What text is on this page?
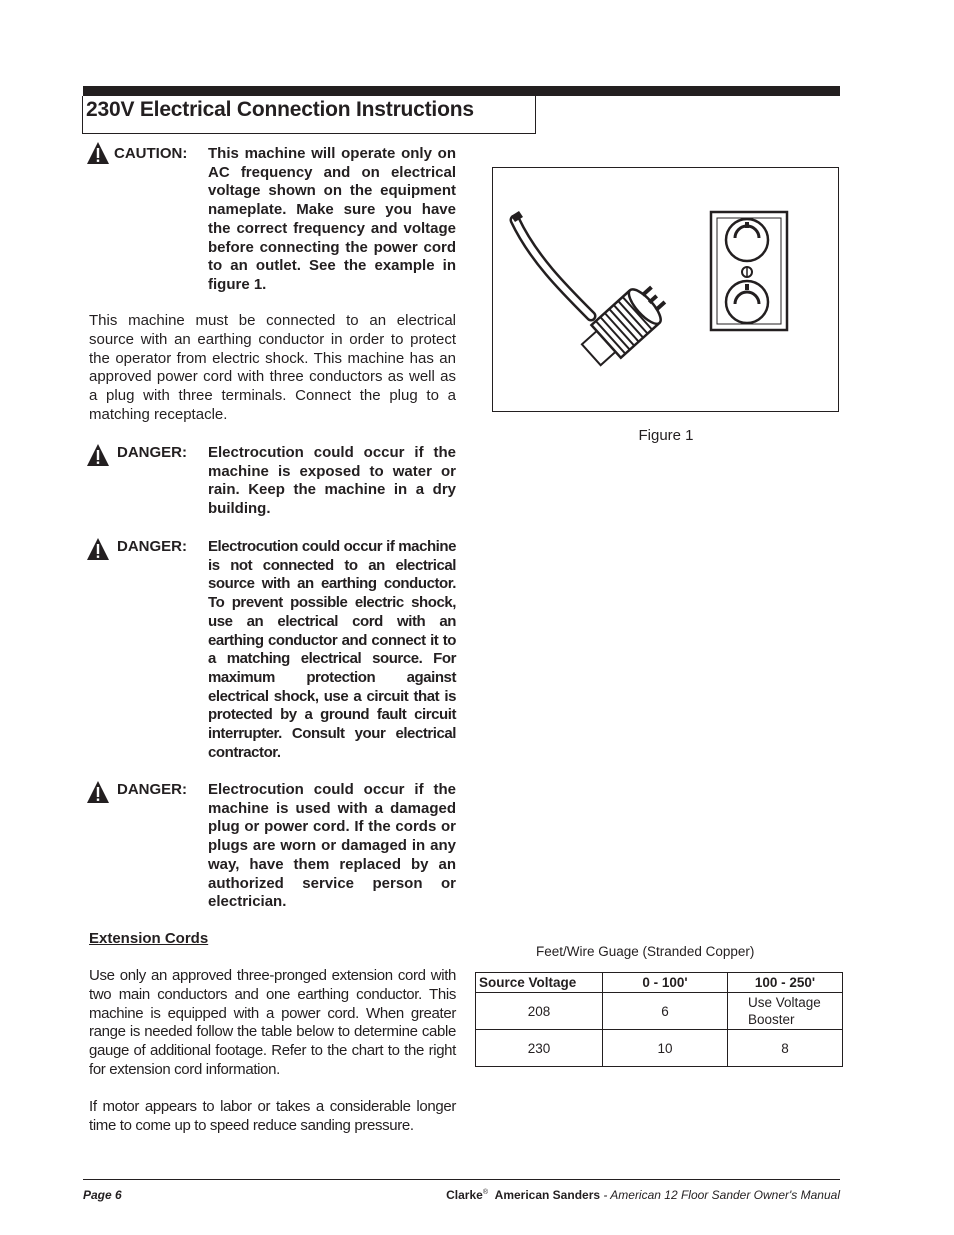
230V Electrical Connection Instructions
CAUTION: This machine will operate only on AC frequency and on electrical voltage shown on the equipment nameplate. Make sure you have the correct frequency and voltage before connecting the power cord to an outlet. See the example in figure 1.
This machine must be connected to an electrical source with an earthing conductor in order to protect the operator from electric shock. This machine has an approved power cord with three conductors as well as a plug with three terminals. Connect the plug to a matching receptacle.
DANGER: Electrocution could occur if the machine is exposed to water or rain. Keep the machine in a dry building.
DANGER: Electrocution could occur if machine is not connected to an electrical source with an earthing conductor. To prevent possible electric shock, use an electrical cord with an earthing conductor and connect it to a matching electrical source. For maximum protection against electrical shock, use a circuit that is protected by a ground fault circuit interrupter. Consult your electrical contractor.
DANGER: Electrocution could occur if the machine is used with a damaged plug or power cord. If the cords or plugs are worn or damaged in any way, have them replaced by an authorized service person or electrician.
Extension Cords
Use only an approved three-pronged extension cord with two main conductors and one earthing conductor. This machine is equipped with a power cord. When greater range is needed follow the table below to determine cable gauge of additional footage. Refer to the chart to the right for extension cord information.
If motor appears to labor or takes a considerable longer time to come up to speed reduce sanding pressure.
Figure 1
Feet/Wire Guage (Stranded Copper)
Source Voltage	0 - 100'	100 - 250'
208	6	Use Voltage Booster
230	10	8
Page 6	Clarke® American Sanders - American 12 Floor Sander Owner's Manual
